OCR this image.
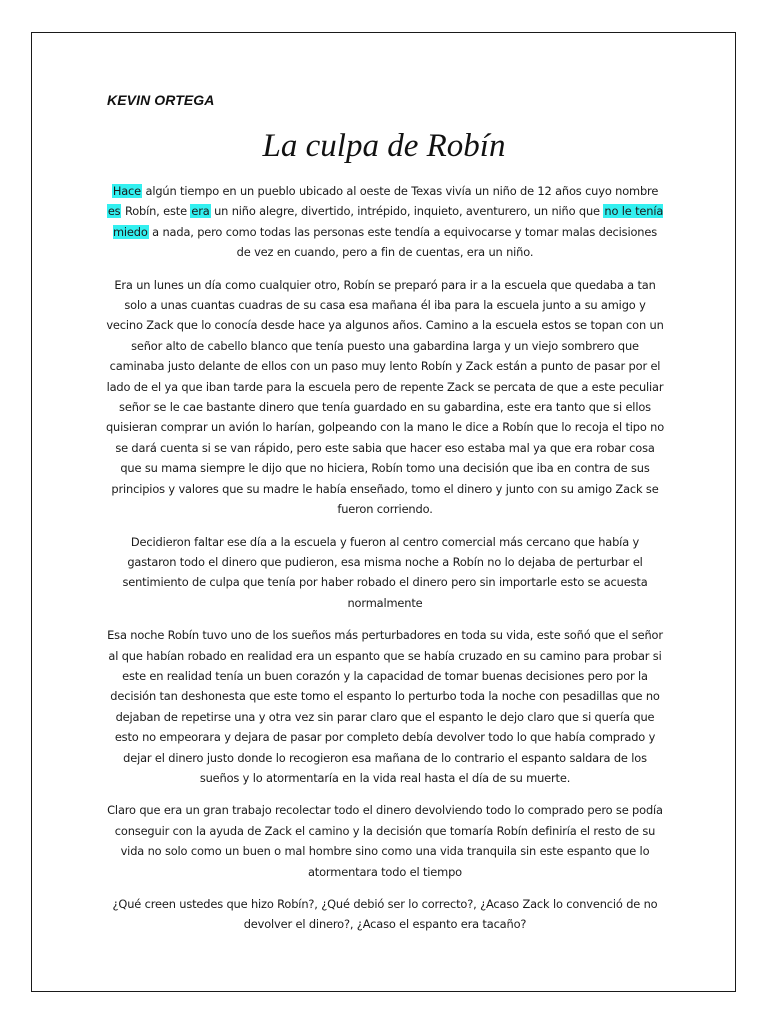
KEVIN ORTEGA
La culpa de Robín

Hace algún tiempo en un pueblo ubicado al oeste de Texas vivía un niño de 12 años cuyo nombre es Robín, este era un niño alegre, divertido, intrépido, inquieto, aventurero, un niño que no le tenía miedo a nada, pero como todas las personas este tendía a equivocarse y tomar malas decisiones de vez en cuando, pero a fin de cuentas, era un niño.

Era un lunes un día como cualquier otro, Robín se preparó para ir a la escuela que quedaba a tan solo a unas cuantas cuadras de su casa esa mañana él iba para la escuela junto a su amigo y vecino Zack que lo conocía desde hace ya algunos años. Camino a la escuela estos se topan con un señor alto de cabello blanco que tenía puesto una gabardina larga y un viejo sombrero que caminaba justo delante de ellos con un paso muy lento Robín y Zack están a punto de pasar por el lado de el ya que iban tarde para la escuela pero de repente Zack se percata de que a este peculiar señor se le cae bastante dinero que tenía guardado en su gabardina, este era tanto que si ellos quisieran comprar un avión lo harían, golpeando con la mano le dice a Robín que lo recoja el tipo no se dará cuenta si se van rápido, pero este sabia que hacer eso estaba mal ya que era robar cosa que su mama siempre le dijo que no hiciera, Robín tomo una decisión que iba en contra de sus principios y valores que su madre le había enseñado, tomo el dinero y junto con su amigo Zack se fueron corriendo.

Decidieron faltar ese día a la escuela y fueron al centro comercial más cercano que había y gastaron todo el dinero que pudieron, esa misma noche a Robín no lo dejaba de perturbar el sentimiento de culpa que tenía por haber robado el dinero pero sin importarle esto se acuesta normalmente

Esa noche Robín tuvo uno de los sueños más perturbadores en toda su vida, este soñó que el señor al que habían robado en realidad era un espanto que se había cruzado en su camino para probar si este en realidad tenía un buen corazón y la capacidad de tomar buenas decisiones pero por la decisión tan deshonesta que este tomo el espanto lo perturbo toda la noche con pesadillas que no dejaban de repetirse una y otra vez sin parar claro que el espanto le dejo claro que si quería que esto no empeorara y dejara de pasar por completo debía devolver todo lo que había comprado y dejar el dinero justo donde lo recogieron esa mañana de lo contrario el espanto saldara de los sueños y lo atormentaría en la vida real hasta el día de su muerte.

Claro que era un gran trabajo recolectar todo el dinero devolviendo todo lo comprado pero se podía conseguir con la ayuda de Zack el camino y la decisión que tomaría Robín definiría el resto de su vida no solo como un buen o mal hombre sino como una vida tranquila sin este espanto que lo atormentara todo el tiempo

¿Qué creen ustedes que hizo Robín?, ¿Qué debió ser lo correcto?, ¿Acaso Zack lo convenció de no devolver el dinero?, ¿Acaso el espanto era tacaño?
